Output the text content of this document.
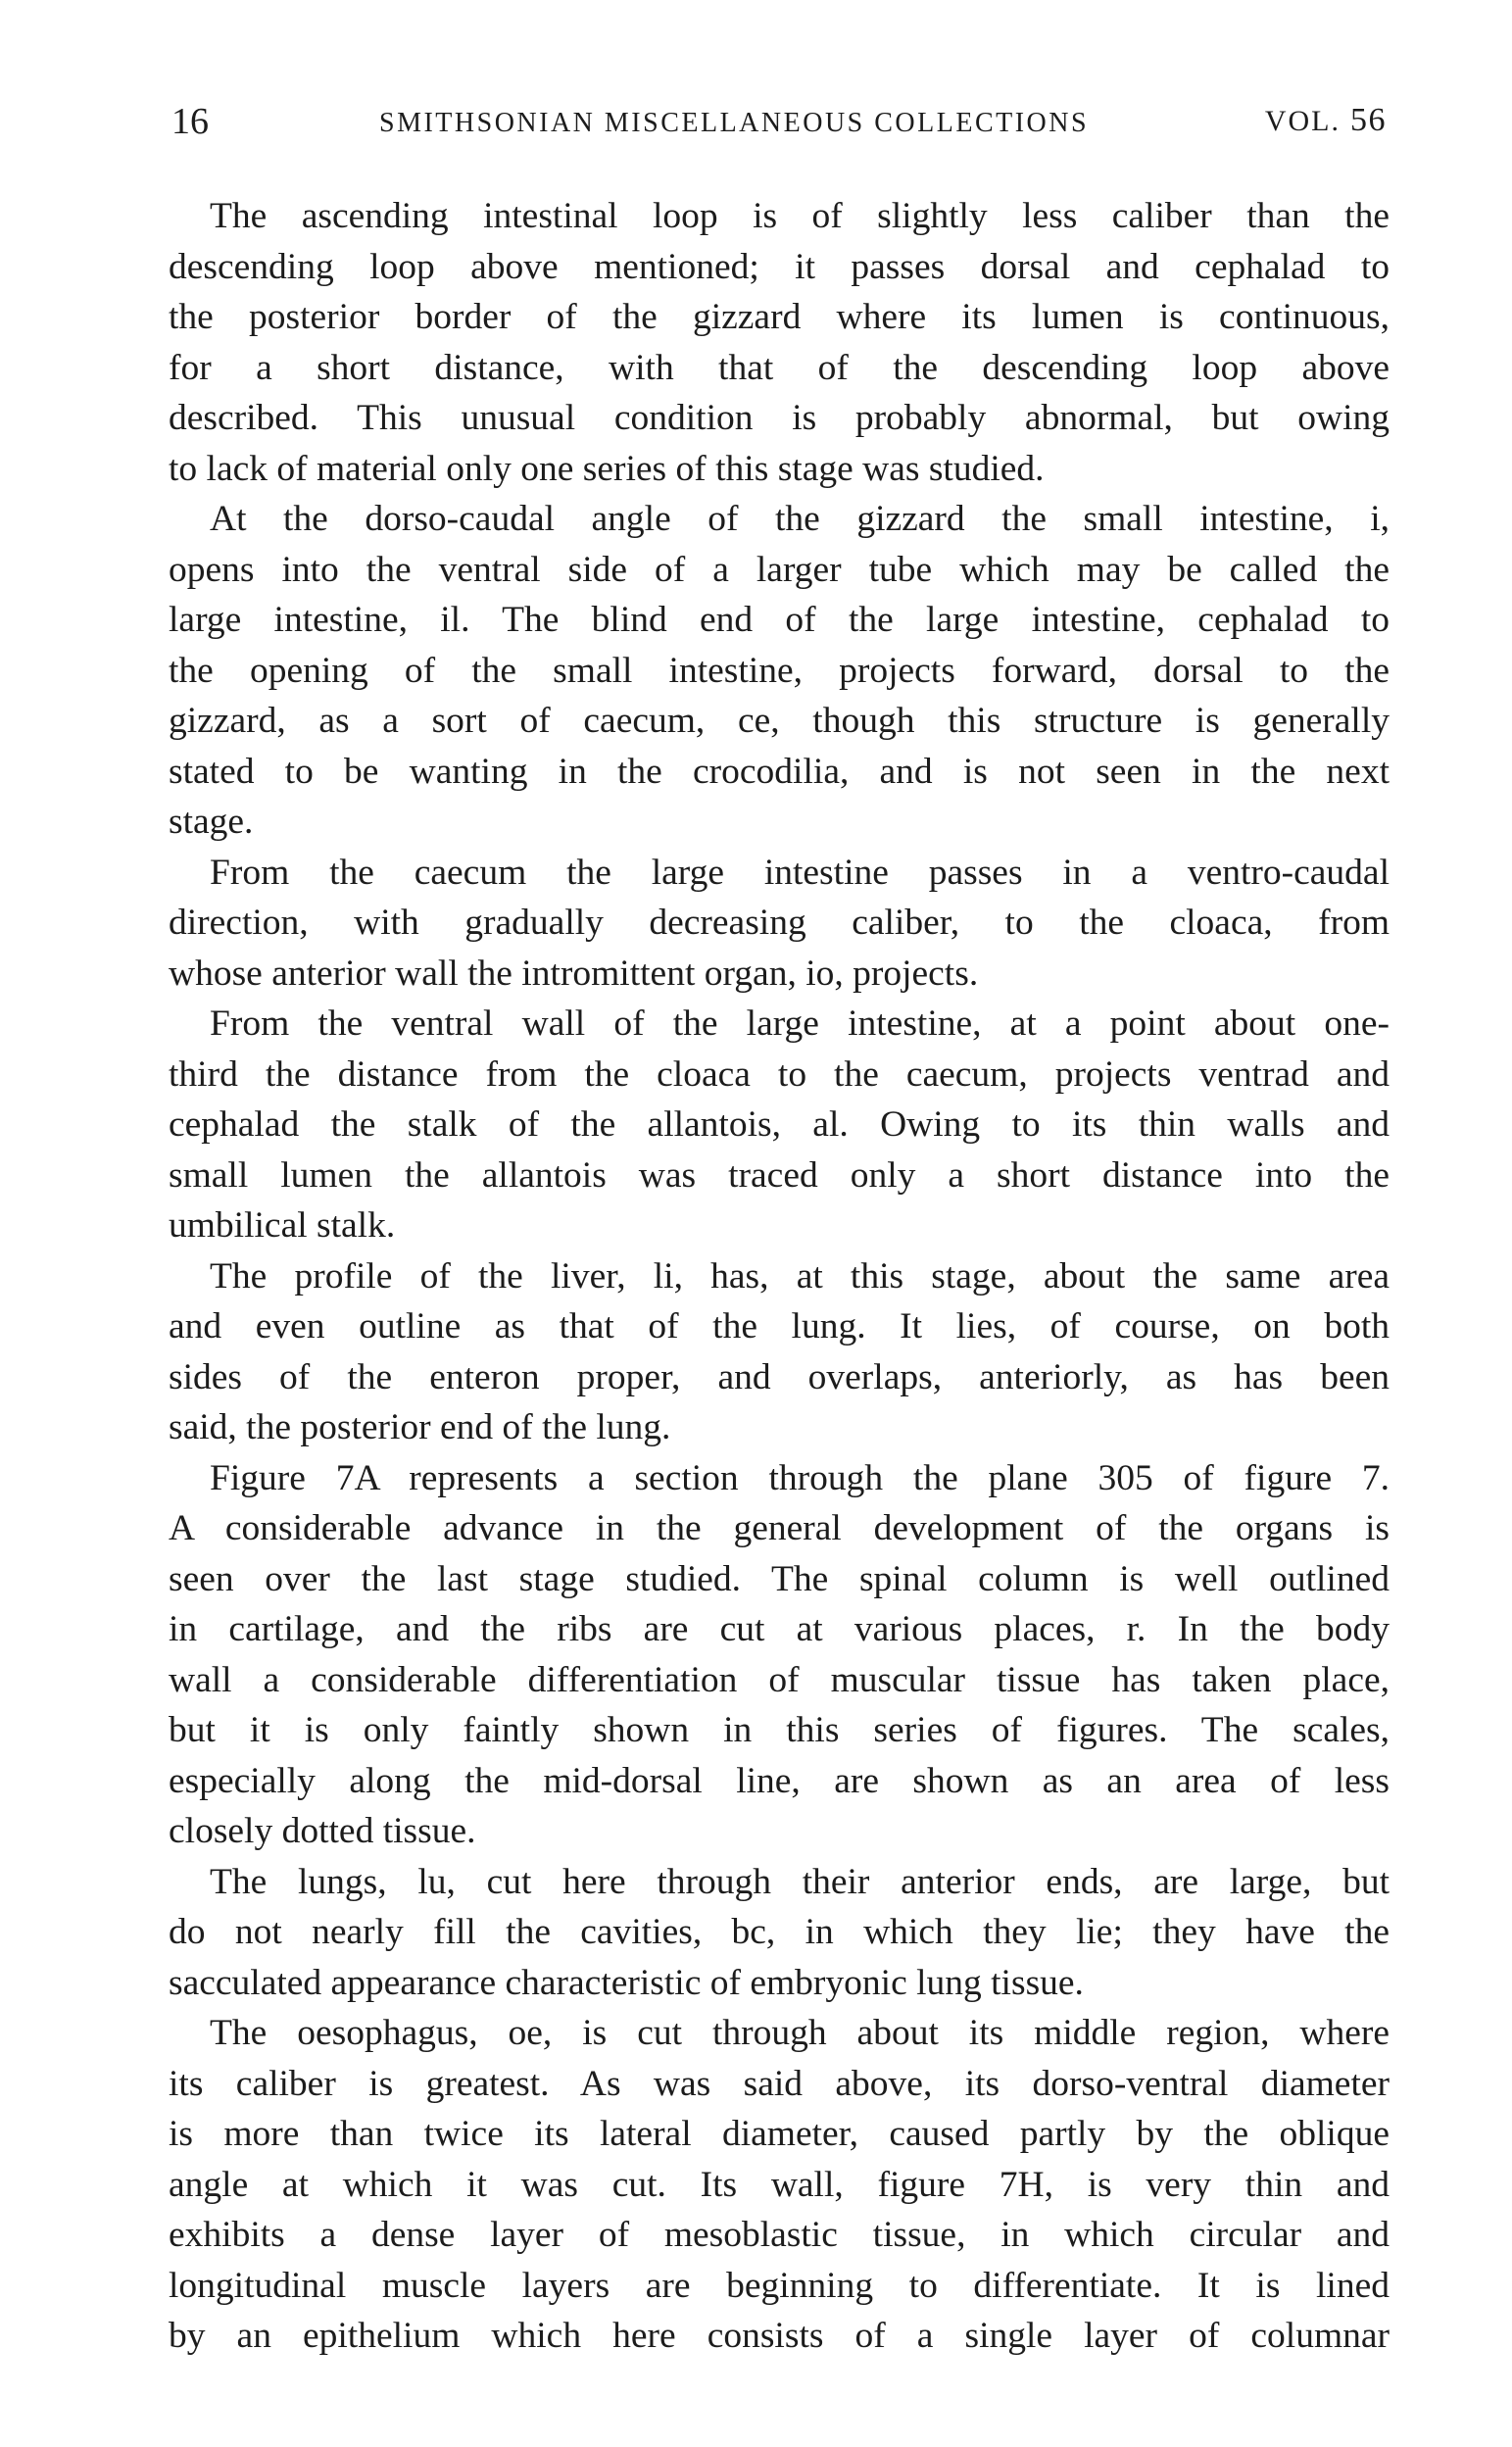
16	SMITHSONIAN MISCELLANEOUS COLLECTIONS	VOL. 56
The ascending intestinal loop is of slightly less caliber than the
descending loop above mentioned; it passes dorsal and cephalad to
the posterior border of the gizzard where its lumen is continuous,
for a short distance, with that of the descending loop above
described. This unusual condition is probably abnormal, but owing
to lack of material only one series of this stage was studied.
At the dorso-caudal angle of the gizzard the small intestine, i,
opens into the ventral side of a larger tube which may be called the
large intestine, il. The blind end of the large intestine, cephalad to
the opening of the small intestine, projects forward, dorsal to the
gizzard, as a sort of caecum, ce, though this structure is generally
stated to be wanting in the crocodilia, and is not seen in the next
stage.
From the caecum the large intestine passes in a ventro-caudal
direction, with gradually decreasing caliber, to the cloaca, from
whose anterior wall the intromittent organ, io, projects.
From the ventral wall of the large intestine, at a point about one-
third the distance from the cloaca to the caecum, projects ventrad and
cephalad the stalk of the allantois, al. Owing to its thin walls and
small lumen the allantois was traced only a short distance into the
umbilical stalk.
The profile of the liver, li, has, at this stage, about the same area
and even outline as that of the lung. It lies, of course, on both
sides of the enteron proper, and overlaps, anteriorly, as has been
said, the posterior end of the lung.
Figure 7A represents a section through the plane 305 of figure 7.
A considerable advance in the general development of the organs is
seen over the last stage studied. The spinal column is well outlined
in cartilage, and the ribs are cut at various places, r. In the body
wall a considerable differentiation of muscular tissue has taken place,
but it is only faintly shown in this series of figures. The scales,
especially along the mid-dorsal line, are shown as an area of less
closely dotted tissue.
The lungs, lu, cut here through their anterior ends, are large, but
do not nearly fill the cavities, bc, in which they lie; they have the
sacculated appearance characteristic of embryonic lung tissue.
The oesophagus, oe, is cut through about its middle region, where
its caliber is greatest. As was said above, its dorso-ventral diameter
is more than twice its lateral diameter, caused partly by the oblique
angle at which it was cut. Its wall, figure 7H, is very thin and
exhibits a dense layer of mesoblastic tissue, in which circular and
longitudinal muscle layers are beginning to differentiate. It is lined
by an epithelium which here consists of a single layer of columnar
